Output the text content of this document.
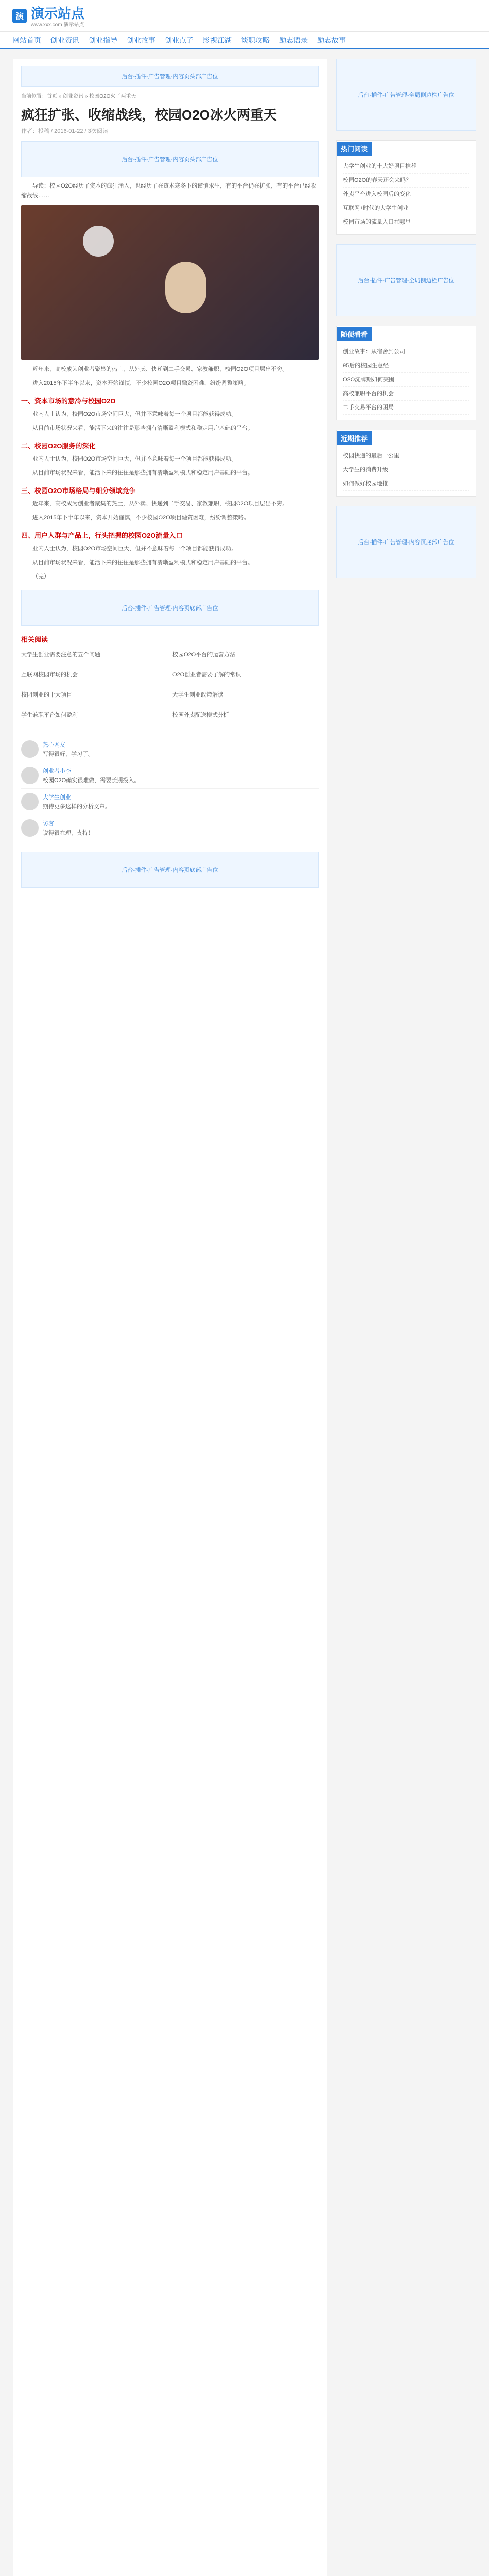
演 演示站点
www.xxx.com 演示站点
网站首页 创业资讯 创业指导 创业故事 创业点子 影视江湖 谈职攻略 励志语录 励志故事
后台-插件-广告管理-内容页头部广告位
当前位置：首页 » 创业资讯 » 校园O2O火了两重天
疯狂扩张、收缩战线，校园O2O冰火两重天
作者：投稿 / 2016-01-22 / 3次阅读
后台-插件-广告管理-内容页头部广告位

导读：校园O2O经历了资本的疯狂涌入，也经历了在资本寒冬下的谨慎求生，有的平台仍在扩张，有的平台已经收缩战线……

近年来，高校成为创业者聚集的热土，从外卖、快递到二手交易、家教兼职，校园O2O项目层出不穷。

进入2015年下半年以来，资本开始谨慎，不少校园O2O项目融资困难，纷纷调整策略。

一、资本市场的意冷与校园O2O

业内人士认为，校园O2O市场空间巨大，但并不意味着每一个项目都能获得成功。

从目前市场状况来看，能活下来的往往是那些拥有清晰盈利模式和稳定用户基础的平台。

二、校园O2O服务的深化

业内人士认为，校园O2O市场空间巨大，但并不意味着每一个项目都能获得成功。

从目前市场状况来看，能活下来的往往是那些拥有清晰盈利模式和稳定用户基础的平台。

三、校园O2O市场格局与细分领域竞争

近年来，高校成为创业者聚集的热土，从外卖、快递到二手交易、家教兼职，校园O2O项目层出不穷。

进入2015年下半年以来，资本开始谨慎，不少校园O2O项目融资困难，纷纷调整策略。

四、用户人群与产品上，行头把握的校园O2O流量入口

业内人士认为，校园O2O市场空间巨大，但并不意味着每一个项目都能获得成功。

从目前市场状况来看，能活下来的往往是那些拥有清晰盈利模式和稳定用户基础的平台。

（完）

后台-插件-广告管理-内容页底部广告位
相关阅读
大学生创业需要注意的五个问题	校园O2O平台的运营方法
互联网校园市场的机会	O2O创业者需要了解的常识
校园创业的十大项目	大学生创业政策解读
学生兼职平台如何盈利	校园外卖配送模式分析
热心网友
写得很好，学习了。
创业者小李
校园O2O确实很难做，需要长期投入。
大学生创业
期待更多这样的分析文章。
访客
说得很在理，支持！
后台-插件-广告管理-内容页底部广告位
后台-插件-广告管理-全局侧边栏广告位
热门阅读
大学生创业的十大好项目推荐
校园O2O的春天还会来吗？
外卖平台进入校园后的变化
互联网+时代的大学生创业
校园市场的流量入口在哪里
后台-插件-广告管理-全局侧边栏广告位
随便看看
创业故事：从宿舍到公司
95后的校园生意经
O2O洗牌期如何突围
高校兼职平台的机会
二手交易平台的困局
近期推荐
校园快递的最后一公里
大学生的消费升级
如何做好校园地推
后台-插件-广告管理-内容页底部广告位
